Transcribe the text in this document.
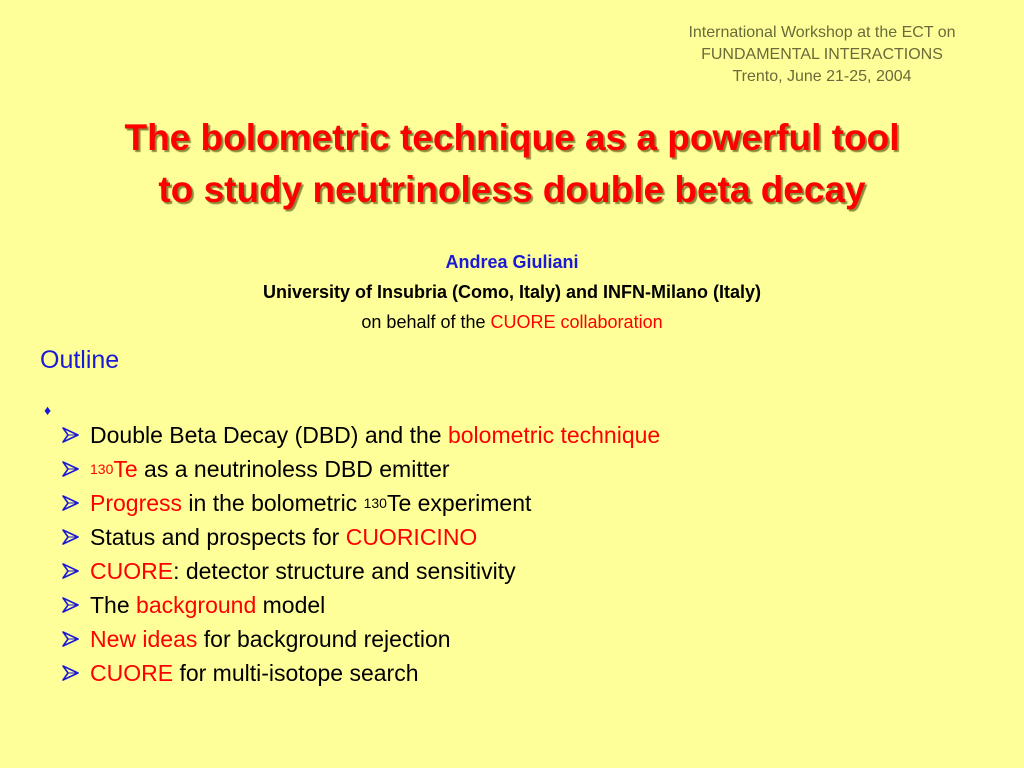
International Workshop at the ECT on
FUNDAMENTAL INTERACTIONS
Trento, June 21-25, 2004
The bolometric technique as a powerful tool
to study neutrinoless double beta decay
Andrea Giuliani
University of Insubria (Como, Italy) and INFN-Milano (Italy)
on behalf of the CUORE collaboration
Outline
♦
Double Beta Decay (DBD) and the bolometric technique
130 Te as a neutrinoless DBD emitter
Progress in the bolometric 130 Te experiment
Status and prospects for CUORICINO
CUORE : detector structure and sensitivity
The background model
New ideas for background rejection
CUORE for multi-isotope search
